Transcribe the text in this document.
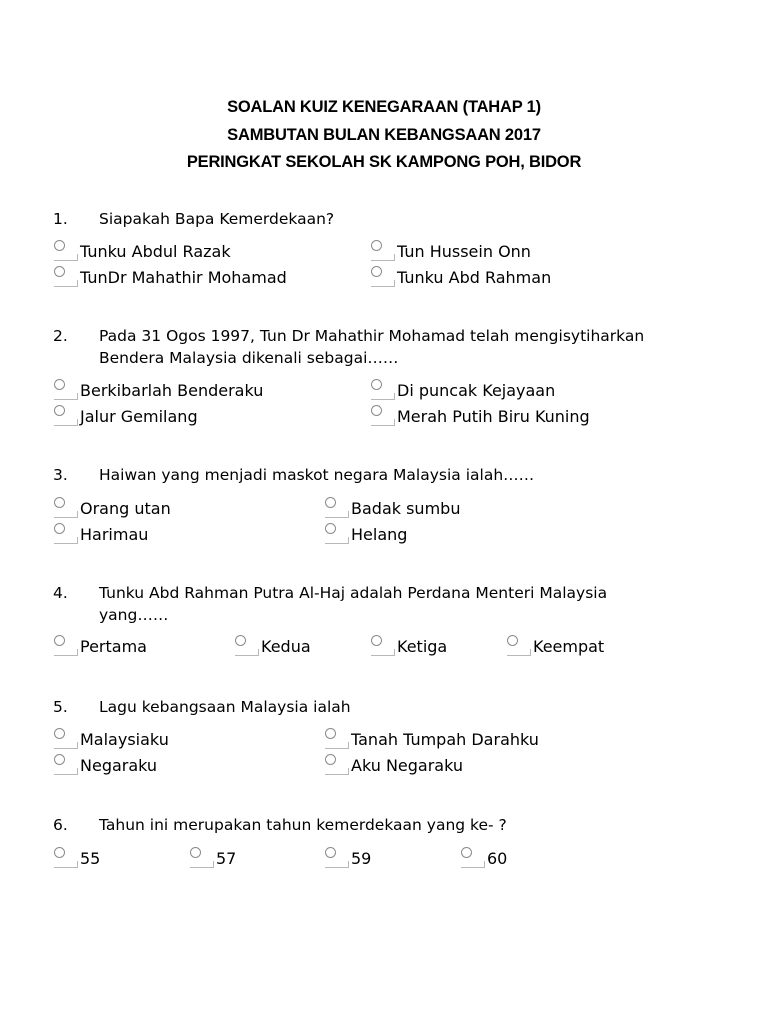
SOALAN KUIZ KENEGARAAN (TAHAP 1)
SAMBUTAN BULAN KEBANGSAAN 2017
PERINGKAT SEKOLAH SK KAMPONG POH, BIDOR
1. Siapakah Bapa Kemerdekaan?
Tunku Abdul Razak	Tun Hussein Onn
TunDr Mahathir Mohamad	Tunku Abd Rahman
2. Pada 31 Ogos 1997, Tun Dr Mahathir Mohamad telah mengisytiharkan
Bendera Malaysia dikenali sebagai……
Berkibarlah Benderaku	Di puncak Kejayaan
Jalur Gemilang	Merah Putih Biru Kuning
3. Haiwan yang menjadi maskot negara Malaysia ialah……
Orang utan	Badak sumbu
Harimau	Helang
4. Tunku Abd Rahman Putra Al-Haj adalah Perdana Menteri Malaysia
yang……
Pertama	Kedua	Ketiga	Keempat
5. Lagu kebangsaan Malaysia ialah
Malaysiaku	Tanah Tumpah Darahku
Negaraku	Aku Negaraku
6. Tahun ini merupakan tahun kemerdekaan yang ke- ?
55	57	59	60
